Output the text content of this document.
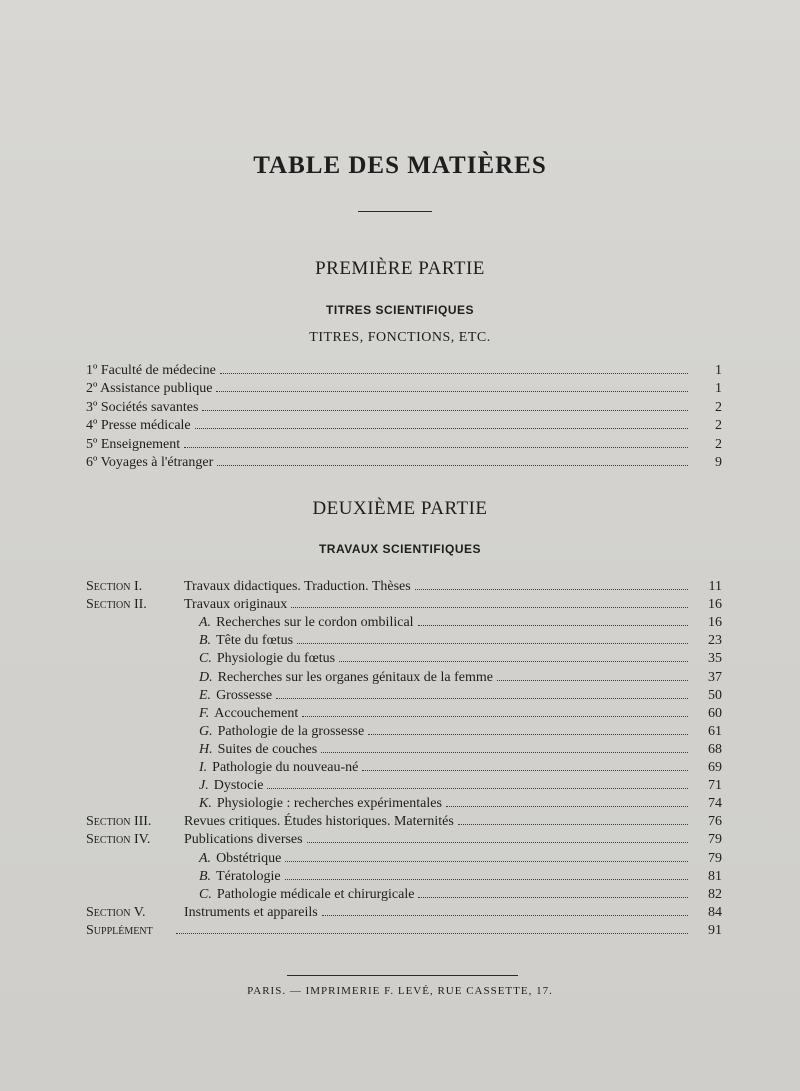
TABLE DES MATIÈRES
PREMIÈRE PARTIE
TITRES SCIENTIFIQUES
TITRES, FONCTIONS, ETC.
1º Faculté de médecine	1
2º Assistance publique	1
3º Sociétés savantes	2
4º Presse médicale	2
5º Enseignement	2
6º Voyages à l'étranger	9
DEUXIÈME PARTIE
TRAVAUX SCIENTIFIQUES
Section I.	Travaux didactiques. Traduction. Thèses	11
Section II.	Travaux originaux	16
A. Recherches sur le cordon ombilical	16
B. Tête du fœtus	23
C. Physiologie du fœtus	35
D. Recherches sur les organes génitaux de la femme	37
E. Grossesse	50
F. Accouchement	60
G. Pathologie de la grossesse	61
H. Suites de couches	68
I. Pathologie du nouveau-né	69
J. Dystocie	71
K. Physiologie : recherches expérimentales	74
Section III. Revues critiques. Études historiques. Maternités	76
Section IV. Publications diverses	79
A. Obstétrique	79
B. Tératologie	81
C. Pathologie médicale et chirurgicale	82
Section V.	Instruments et appareils	84
Supplément	91
PARIS. — IMPRIMERIE F. LEVÉ, RUE CASSETTE, 17.
